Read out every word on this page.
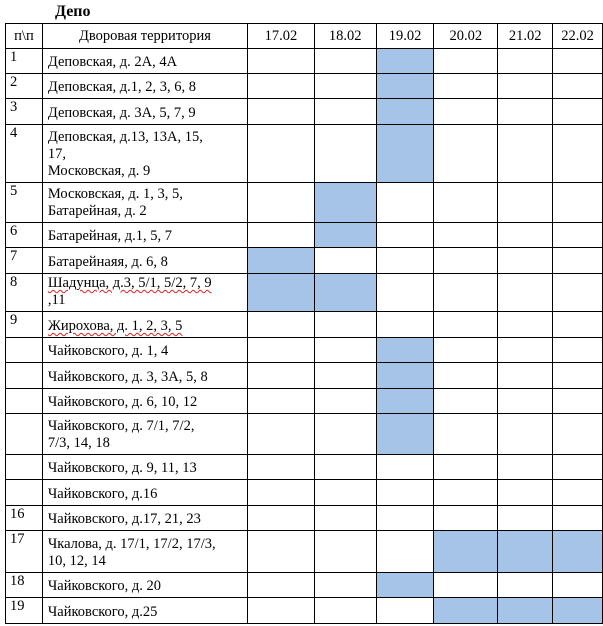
Депо
п\п	Дворовая территория	17.02	18.02	19.02	20.02	21.02	22.02
1	Деповская, д. 2А, 4А						

2	Деповская, д.1, 2, 3, 6, 8						

3	Деповская, д. 3А, 5, 7, 9						

4	Деповская, д.13, 13А, 15,
17,
Московская, д. 9						

5	Московская, д. 1, 3, 5,
Батарейная, д. 2						

6	Батарейная, д.1, 5, 7						

7	Батарейнаяя, д. 6, 8						

8	Шадунца, д.3, 5/1, 5/2, 7, 9
,11						

9	Жирохова, д. 1, 2, 3, 5						

	Чайковского, д. 1, 4						

	Чайковского, д. 3, 3А, 5, 8						

	Чайковского, д. 6, 10, 12						

	Чайковского, д. 7/1, 7/2,
7/3, 14, 18						

	Чайковского, д. 9, 11, 13						

	Чайковского, д.16						

16	Чайковского, д.17, 21, 23						

17	Чкалова, д. 17/1, 17/2, 17/3,
10, 12, 14						

18	Чайковского, д. 20						

19	Чайковского, д.25						
